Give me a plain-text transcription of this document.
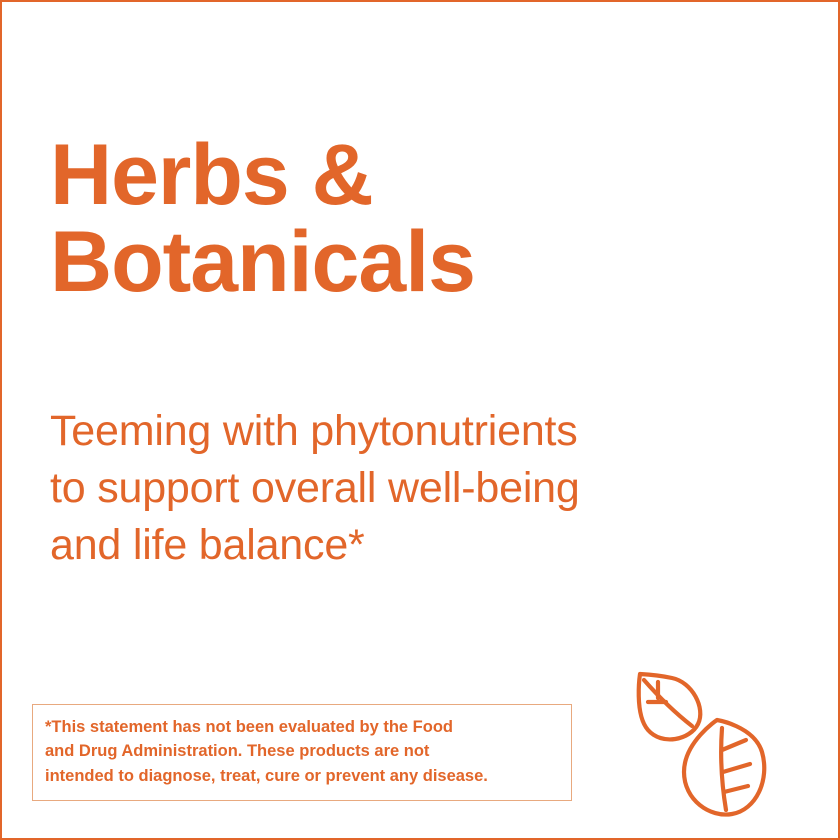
Herbs &
Botanicals

Teeming with phytonutrients
to support overall well-being
and life balance*

*This statement has not been evaluated by the Food
and Drug Administration. These products are not
intended to diagnose, treat, cure or prevent any disease.
